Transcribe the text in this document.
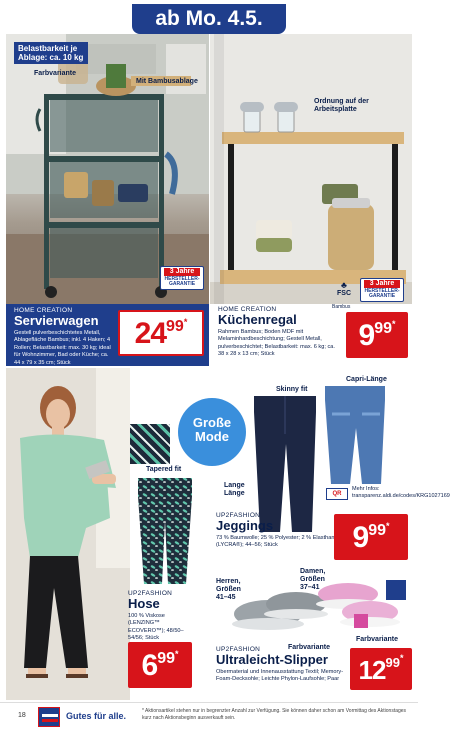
ab Mo. 4.5.
Belastbarkeit je Ablage: ca. 10 kg
Farbvariante
Mit Bambusablage
3 Jahre
HERSTELLER-GARANTIE
HOME CREATION
Servierwagen
Gestell pulverbeschichtetes Metall, Ablagefläche Bambus; inkl. 4 Haken; 4 Rollen; Belastbarkeit: max. 30 kg; ideal für Wohnzimmer, Bad oder Küche; ca. 44 x 79 x 35 cm; Stück
2499*
Ordnung auf der Arbeitsplatte
♣
FSC
3 Jahre
HERSTELLER-GARANTIE
HOME CREATION
Küchenregal
Rahmen Bambus; Boden MDF mit Melaminhardbeschichtung; Gestell Metall, pulverbeschichtet; Belastbarkeit: max. 6 kg; ca. 38 x 28 x 13 cm; Stück
Bambus
999*
Tapered fit
UP2FASHION
Hose
100 % Viskose (LENZING™ ECOVERO™); 48/50–54/56; Stück
699*
Große
Mode
Skinny fit
Capri-Länge
Lange Länge	QR
Mehr Infos: transparenz.aldi.de/codes/KRG1027169
UP2FASHION
Jeggings
73 % Baumwolle; 25 % Polyester; 2 % Elasthan (LYCRA®); 44–56; Stück	999*
Herren, Größen 41–45
Damen, Größen 37–41
Farbvariante
Farbvariante
UP2FASHION
Ultraleicht-Slipper
Obermaterial und Innenausstattung Textil; Memory-Foam-Decksohle; Leichte Phylon-Laufsohle; Paar $12^{99*}$
18	Gutes für alle.	* Aktionsartikel stehen nur in begrenzter Anzahl zur Verfügung. Sie können daher schon am Vormittag des Aktionstages kurz nach Aktionsbeginn ausverkauft sein.
